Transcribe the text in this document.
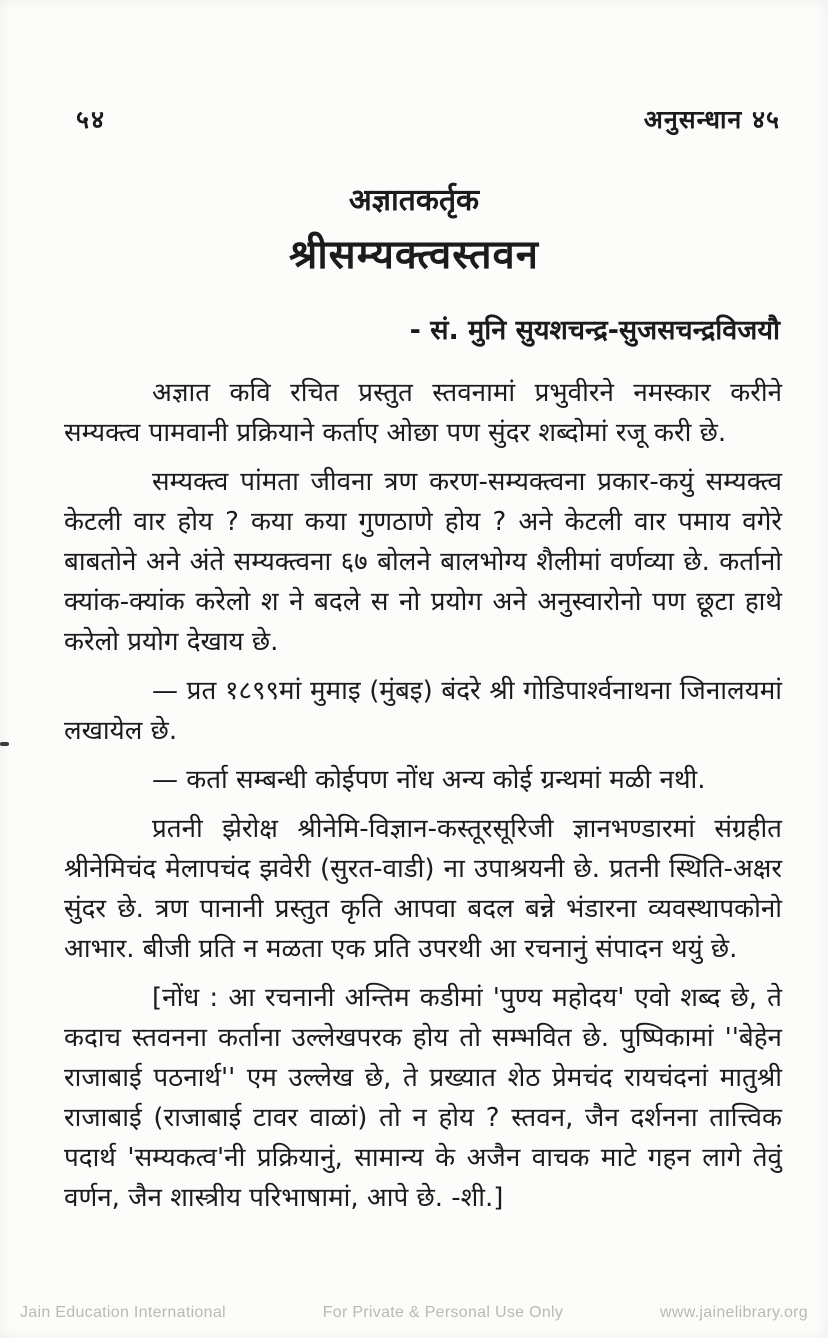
५४	अनुसन्धान ४५
अज्ञातकर्तृक
श्रीसम्यक्त्वस्तवन
- सं. मुनि सुयशचन्द्र-सुजसचन्द्रविजयौ

अज्ञात कवि रचित प्रस्तुत स्तवनामां प्रभुवीरने नमस्कार करीने सम्यक्त्व पामवानी प्रक्रियाने कर्ताए ओछा पण सुंदर शब्दोमां रजू करी छे.

सम्यक्त्व पांमता जीवना त्रण करण-सम्यक्त्वना प्रकार-कयुं सम्यक्त्व केटली वार होय ? कया कया गुणठाणे होय ? अने केटली वार पमाय वगेरे बाबतोने अने अंते सम्यक्त्वना ६७ बोलने बालभोग्य शैलीमां वर्णव्या छे. कर्तानो क्यांक-क्यांक करेलो श ने बदले स नो प्रयोग अने अनुस्वारोनो पण छूटा हाथे करेलो प्रयोग देखाय छे.

— प्रत १८९९मां मुमाइ (मुंबइ) बंदरे श्री गोडिपार्श्वनाथना जिनालयमां लखायेल छे.

— कर्ता सम्बन्धी कोईपण नोंध अन्य कोई ग्रन्थमां मळी नथी.

प्रतनी झेरोक्ष श्रीनेमि-विज्ञान-कस्तूरसूरिजी ज्ञानभण्डारमां संग्रहीत श्रीनेमिचंद मेलापचंद झवेरी (सुरत-वाडी) ना उपाश्रयनी छे. प्रतनी स्थिति-अक्षर सुंदर छे. त्रण पानानी प्रस्तुत कृति आपवा बदल बन्ने भंडारना व्यवस्थापकोनो आभार. बीजी प्रति न मळता एक प्रति उपरथी आ रचनानुं संपादन थयुं छे.

[नोंध : आ रचनानी अन्तिम कडीमां 'पुण्य महोदय' एवो शब्द छे, ते कदाच स्तवनना कर्ताना उल्लेखपरक होय तो सम्भवित छे. पुष्पिकामां ''बेहेन राजाबाई पठनार्थ'' एम उल्लेख छे, ते प्रख्यात शेठ प्रेमचंद रायचंदनां मातुश्री राजाबाई (राजाबाई टावर वाळां) तो न होय ? स्तवन, जैन दर्शनना तात्त्विक पदार्थ 'सम्यकत्व'नी प्रक्रियानुं, सामान्य के अजैन वाचक माटे गहन लागे तेवुं वर्णन, जैन शास्त्रीय परिभाषामां, आपे छे. -शी.]

Jain Education International	For Private & Personal Use Only	www.jainelibrary.org
